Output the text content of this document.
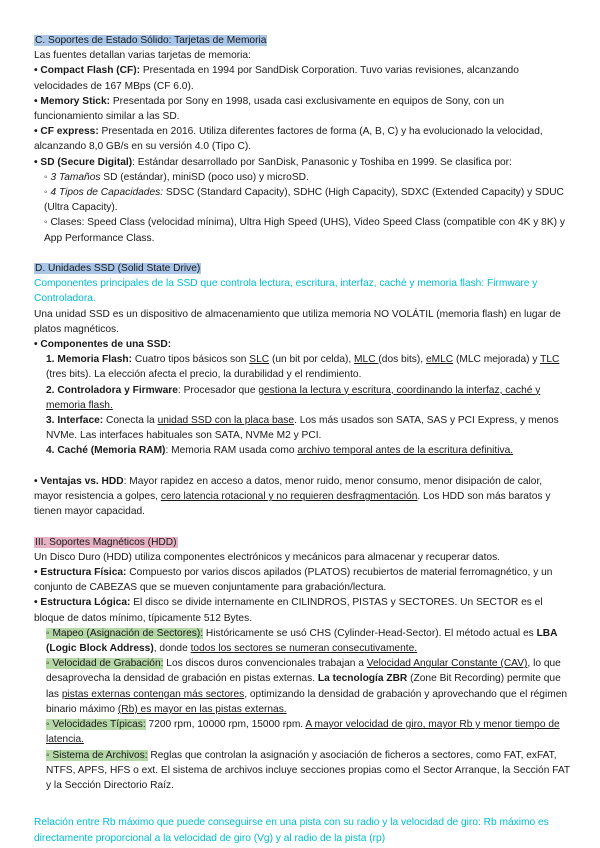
C. Soportes de Estado Sólido: Tarjetas de Memoria

Las fuentes detallan varias tarjetas de memoria:

• Compact Flash (CF): Presentada en 1994 por SandDisk Corporation. Tuvo varias revisiones, alcanzando velocidades de 167 MBps (CF 6.0).

• Memory Stick: Presentada por Sony en 1998, usada casi exclusivamente en equipos de Sony, con un funcionamiento similar a las SD.

• CF express: Presentada en 2016. Utiliza diferentes factores de forma (A, B, C) y ha evolucionado la velocidad, alcanzando 8,0 GB/s en su versión 4.0 (Tipo C).

• SD (Secure Digital): Estándar desarrollado por SanDisk, Panasonic y Toshiba en 1999. Se clasifica por:

◦ 3 Tamaños SD (estándar), miniSD (poco uso) y microSD.

◦ 4 Tipos de Capacidades: SDSC (Standard Capacity), SDHC (High Capacity), SDXC (Extended Capacity) y SDUC (Ultra Capacity).

◦ Clases: Speed Class (velocidad mínima), Ultra High Speed (UHS), Video Speed Class (compatible con 4K y 8K) y App Performance Class.

D. Unidades SSD (Solid State Drive)

Componentes principales de la SSD que controla lectura, escritura, interfaz, caché y memoria flash: Firmware y Controladora.

Una unidad SSD es un dispositivo de almacenamiento que utiliza memoria NO VOLÁTIL (memoria flash) en lugar de platos magnéticos.

• Componentes de una SSD:

1. Memoria Flash: Cuatro tipos básicos son SLC (un bit por celda), MLC (dos bits), eMLC (MLC mejorada) y TLC (tres bits). La elección afecta el precio, la durabilidad y el rendimiento.

2. Controladora y Firmware: Procesador que gestiona la lectura y escritura, coordinando la interfaz, caché y memoria flash.

3. Interface: Conecta la unidad SSD con la placa base. Los más usados son SATA, SAS y PCI Express, y menos NVMe. Las interfaces habituales son SATA, NVMe M2 y PCI.

4. Caché (Memoria RAM): Memoria RAM usada como archivo temporal antes de la escritura definitiva.

• Ventajas vs. HDD: Mayor rapidez en acceso a datos, menor ruido, menor consumo, menor disipación de calor, mayor resistencia a golpes, cero latencia rotacional y no requieren desfragmentación. Los HDD son más baratos y tienen mayor capacidad.

III. Soportes Magnéticos (HDD)

Un Disco Duro (HDD) utiliza componentes electrónicos y mecánicos para almacenar y recuperar datos.

• Estructura Física: Compuesto por varios discos apilados (PLATOS) recubiertos de material ferromagnético, y un conjunto de CABEZAS que se mueven conjuntamente para grabación/lectura.

• Estructura Lógica: El disco se divide internamente en CILINDROS, PISTAS y SECTORES. Un SECTOR es el bloque de datos mínimo, típicamente 512 Bytes.

◦ Mapeo (Asignación de Sectores): Históricamente se usó CHS (Cylinder-Head-Sector). El método actual es LBA (Logic Block Address), donde todos los sectores se numeran consecutivamente.

◦ Velocidad de Grabación: Los discos duros convencionales trabajan a Velocidad Angular Constante (CAV), lo que desaprovecha la densidad de grabación en pistas externas. La tecnología ZBR (Zone Bit Recording) permite que las pistas externas contengan más sectores, optimizando la densidad de grabación y aprovechando que el régimen binario máximo (Rb) es mayor en las pistas externas.

◦ Velocidades Típicas: 7200 rpm, 10000 rpm, 15000 rpm. A mayor velocidad de giro, mayor Rb y menor tiempo de latencia.

◦ Sistema de Archivos: Reglas que controlan la asignación y asociación de ficheros a sectores, como FAT, exFAT, NTFS, APFS, HFS o ext. El sistema de archivos incluye secciones propias como el Sector Arranque, la Sección FAT y la Sección Directorio Raíz.

Relación entre Rb máximo que puede conseguirse en una pista con su radio y la velocidad de giro: Rb máximo es directamente proporcional a la velocidad de giro (Vg) y al radio de la pista (rp)
